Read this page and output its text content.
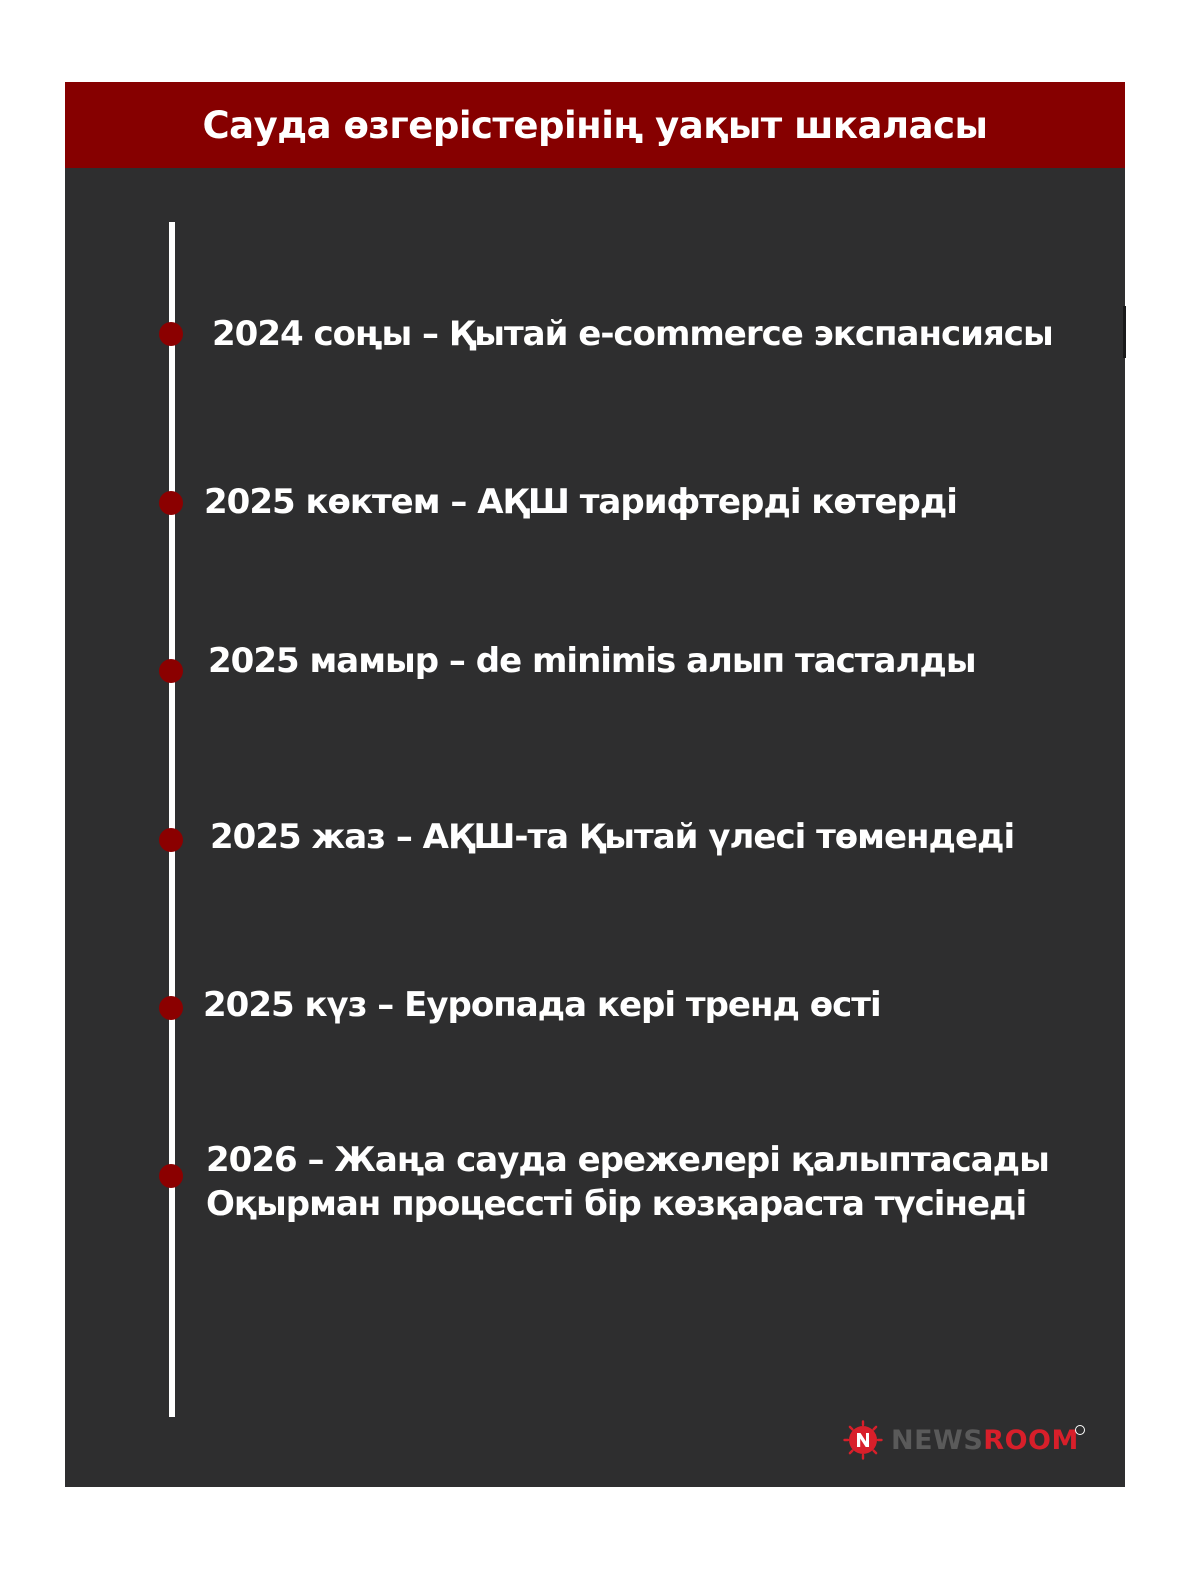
Сауда өзгерістерінің уақыт шкаласы
2024 соңы – Қытай e-commerce экспансиясы
2025 көктем – АҚШ тарифтерді көтерді
2025 мамыр – de minimis алып тасталды
2025 жаз – АҚШ-та Қытай үлесі төмендеді
2025 күз – Еуропада кері тренд өсті
2026 – Жаңа сауда ережелері қалыптасады
Оқырман процессті бір көзқараста түсінеді
NEWSROOM
